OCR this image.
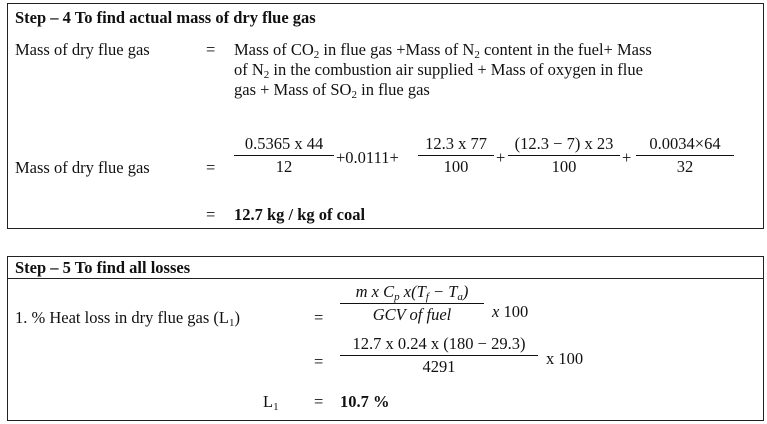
Step – 4 To find actual mass of dry flue gas
Mass of dry flue gas	= Mass of $CO_2$ in flue gas +Mass of $N_2$ content in the fuel+ Mass
of $N_2$ in the combustion air supplied + Mass of oxygen in flue
gas + Mass of $SO_2$ in flue gas
Mass of dry flue gas	= $\frac{0.5365 x 44}{12} +0.0111+ \frac{12.3 x 77}{100} + \frac{(12.3 - 7) x 23}{100} + \frac{0.0034\times 64}{32}$
= 12.7 kg / kg of coal
Step – 5 To find all losses
1. % Heat loss in dry flue gas $(L_1)$	=
m x $C_p$ $x(T_f - T_a)$
GCV of fuel	x 100
= $\frac{12.7 x 0.24 x (180 - 29.3)}{4291}$ x 100
$L_1 = 10.7$ %
